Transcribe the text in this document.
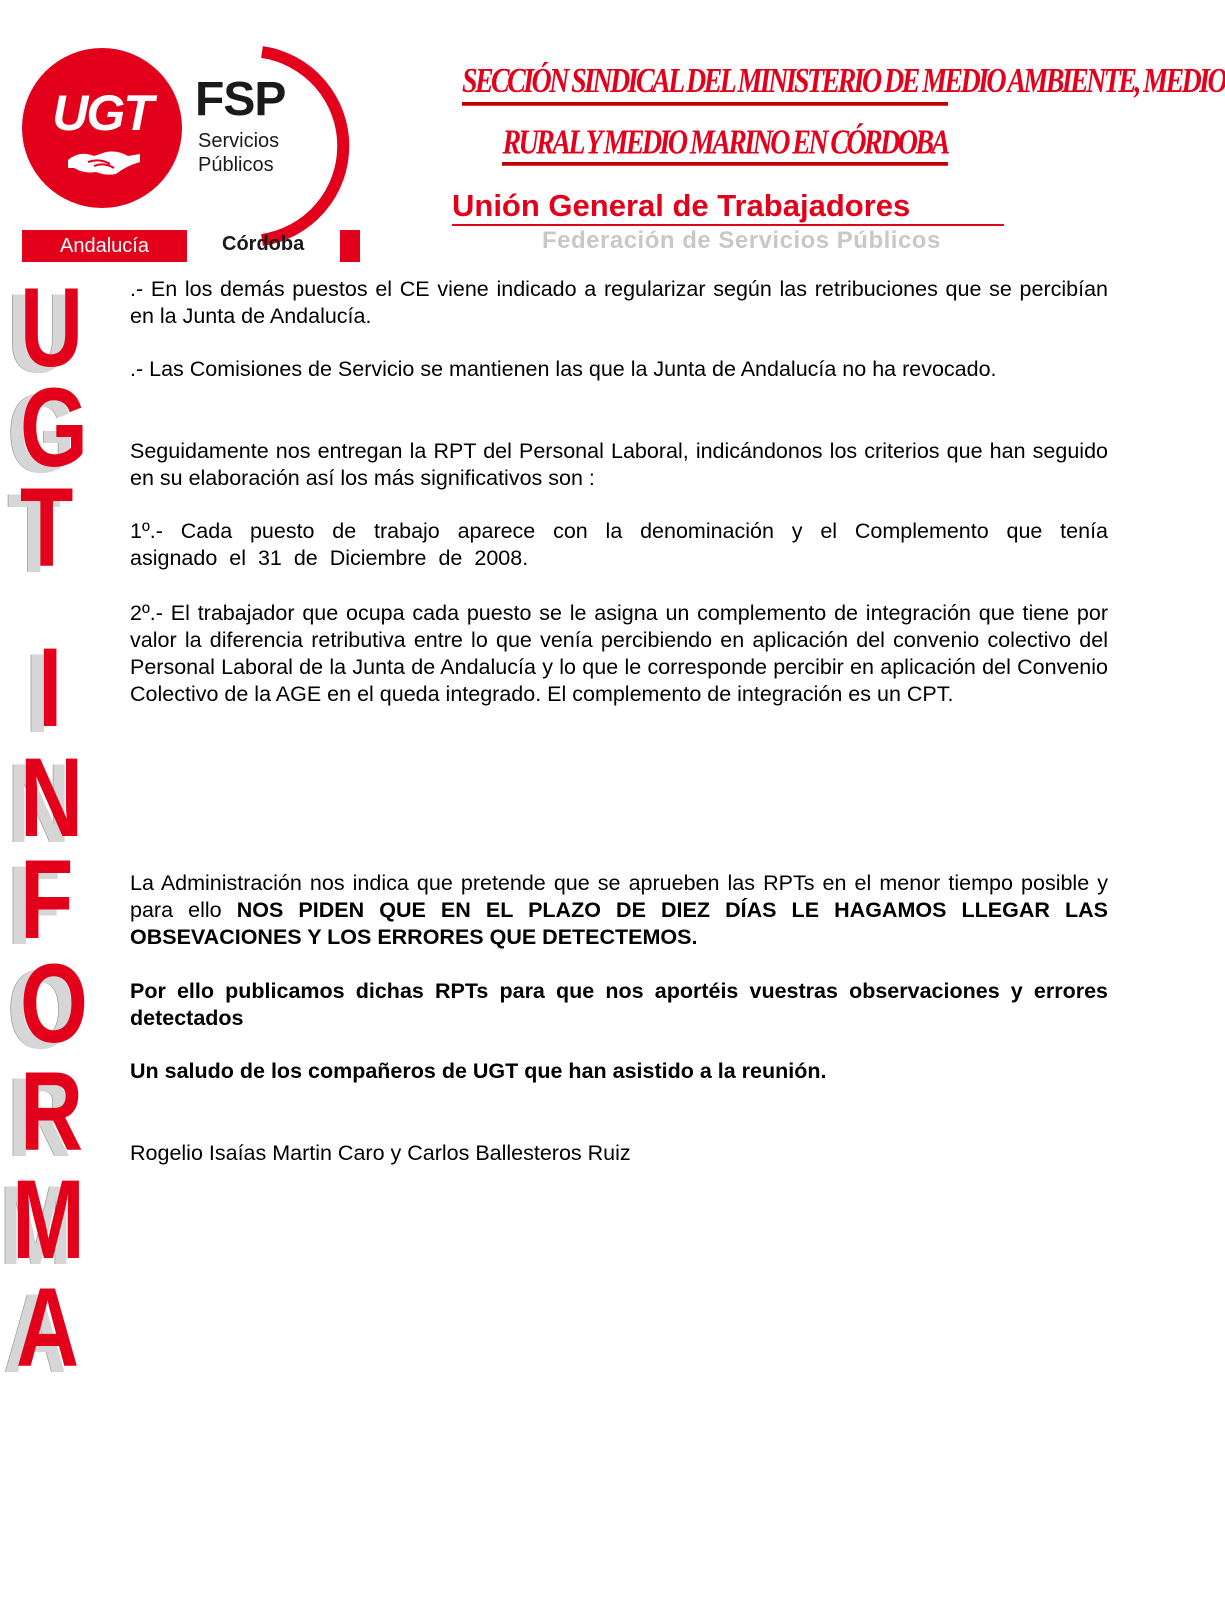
UGT FSP
Servicios
Públicos
Andalucía	Córdoba
SECCIÓN SINDICAL DEL MINISTERIO DE MEDIO AMBIENTE, MEDIO
RURAL Y MEDIO MARINO EN CÓRDOBA
Unión General de Trabajadores
Federación de Servicios Públicos
U
G
T
I
N
F
O
R
M
A

.- En los demás puestos el CE viene indicado a regularizar según las retribuciones que se percibían en la Junta de Andalucía.

.- Las Comisiones de Servicio se mantienen las que la Junta de Andalucía no ha revocado.

Seguidamente nos entregan la RPT del Personal Laboral, indicándonos los criterios que han seguido en su elaboración así los más significativos son :

1º.- Cada puesto de trabajo aparece con la denominación y el Complemento que tenía asignado el 31 de Diciembre de 2008.

2º.- El trabajador que ocupa cada puesto se le asigna un complemento de integración que tiene por valor la diferencia retributiva entre lo que venía percibiendo en aplicación del convenio colectivo del Personal Laboral de la Junta de Andalucía y lo que le corresponde percibir en aplicación del Convenio Colectivo de la AGE en el queda integrado. El complemento de integración es un CPT.

La Administración nos indica que pretende que se aprueben las RPTs en el menor tiempo posible y para ello NOS PIDEN QUE EN EL PLAZO DE DIEZ DÍAS LE HAGAMOS LLEGAR LAS OBSEVACIONES Y LOS ERRORES QUE DETECTEMOS.

Por ello publicamos dichas RPTs para que nos aportéis vuestras observaciones y errores detectados

Un saludo de los compañeros de UGT que han asistido a la reunión.

Rogelio Isaías Martin Caro y Carlos Ballesteros Ruiz
